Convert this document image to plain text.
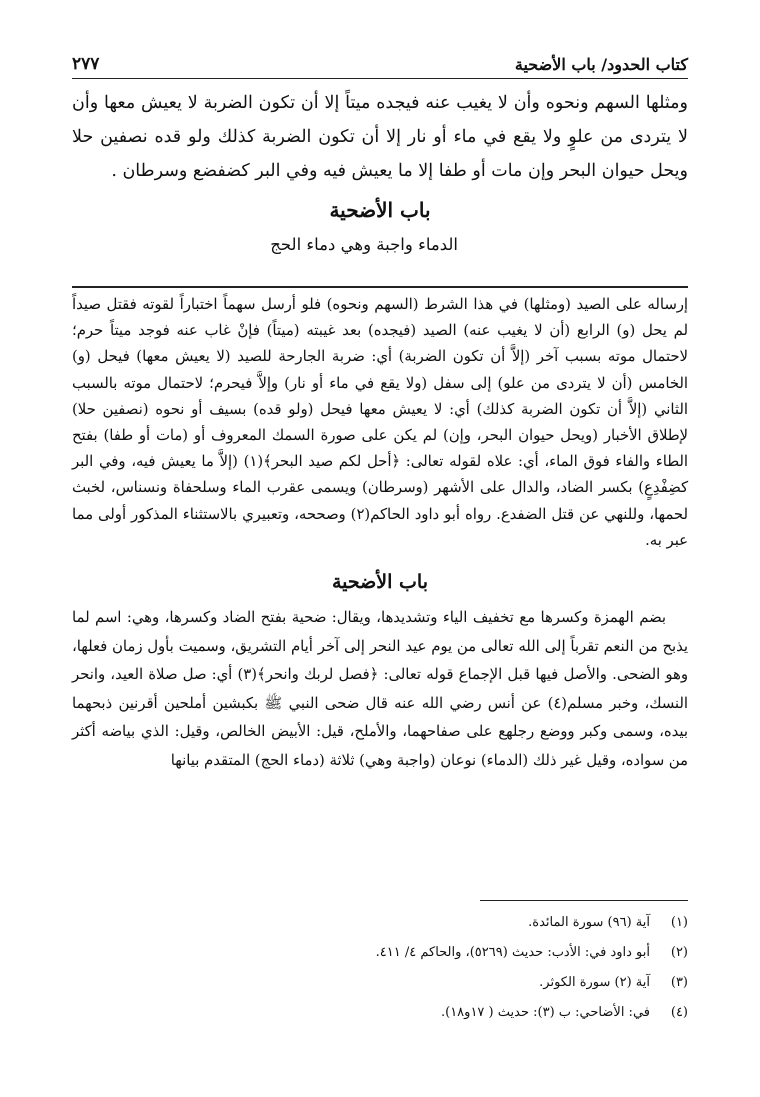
كتاب الحدود/ باب الأضحية
٢٧٧

ومثلها السهم ونحوه وأن لا يغيب عنه فيجده ميتاً إلا أن تكون الضربة لا يعيش معها وأن لا يتردى من علوٍ ولا يقع في ماء أو نار إلا أن تكون الضربة كذلك ولو قده نصفين حلا ويحل حيوان البحر وإن مات أو طفا إلا ما يعيش فيه وفي البر كضفضع وسرطان .

باب الأضحية
الدماء واجبة وهي دماء الحج

إرساله على الصيد (ومثلها) في هذا الشرط (السهم ونحوه) فلو أرسل سهماً اختباراً لقوته فقتل صيداً لم يحل (و) الرابع (أن لا يغيب عنه) الصيد (فيجده) بعد غيبته (ميتاً) فإنْ غاب عنه فوجد ميتاً حرم؛ لاحتمال موته بسبب آخر (إلاَّ أن تكون الضربة) أي: ضربة الجارحة للصيد (لا يعيش معها) فيحل (و) الخامس (أن لا يتردى من علو) إلى سفل (ولا يقع في ماء أو نار) وإلاَّ فيحرم؛ لاحتمال موته بالسبب الثاني (إلاَّ أن تكون الضربة كذلك) أي: لا يعيش معها فيحل (ولو قده) بسيف أو نحوه (نصفين حلا) لإطلاق الأخبار (ويحل حيوان البحر، وإن) لم يكن على صورة السمك المعروف أو (مات أو طفا) بفتح الطاء والفاء فوق الماء، أي: علاه لقوله تعالى: ﴿أحل لكم صيد البحر﴾(١) (إلاَّ ما يعيش فيه، وفي البر كضِفْدِعٍ) بكسر الضاد، والدال على الأشهر (وسرطان) ويسمى عقرب الماء وسلحفاة ونسناس، لخبث لحمها، وللنهي عن قتل الضفدع. رواه أبو داود الحاكم(٢) وصححه، وتعبيري بالاستثناء المذكور أولى مما عبر به.

باب الأضحية

بضم الهمزة وكسرها مع تخفيف الياء وتشديدها، ويقال: ضحية بفتح الضاد وكسرها، وهي: اسم لما يذبح من النعم تقرباً إلى الله تعالى من يوم عيد النحر إلى آخر أيام التشريق، وسميت بأول زمان فعلها، وهو الضحى. والأصل فيها قبل الإجماع قوله تعالى: ﴿فصل لربك وانحر﴾(٣) أي: صل صلاة العيد، وانحر النسك، وخبر مسلم(٤) عن أنس رضي الله عنه قال ضحى النبي ﷺ بكبشين أملحين أقرنين ذبحهما بيده، وسمى وكبر ووضع رجلهع على صفاحهما، والأملح، قيل: الأبيض الخالص، وقيل: الذي بياضه أكثر من سواده، وقيل غير ذلك (الدماء) نوعان (واجبة وهي) ثلاثة (دماء الحج) المتقدم بيانها

(١)
آية (٩٦) سورة المائدة.
(٢)
أبو داود في: الأدب: حديث (٥٢٦٩)، والحاكم ٤/ ٤١١.
(٣)
آية (٢) سورة الكوثر.
(٤)
في: الأضاحي: ب (٣): حديث ( ١٧و١٨).
